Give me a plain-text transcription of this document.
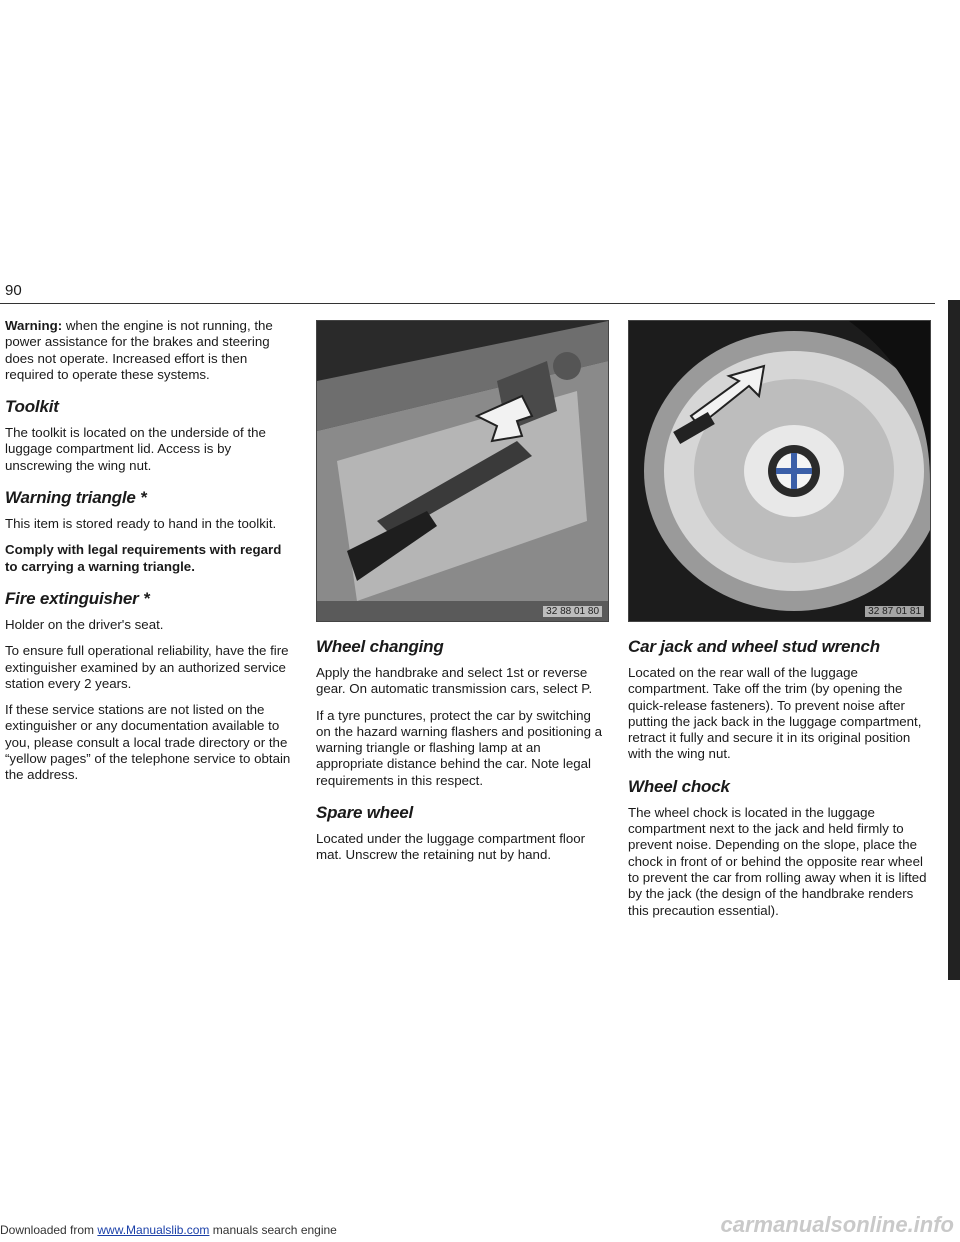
90

Warning: when the engine is not running, the power assistance for the brakes and steering does not operate. Increased effort is then required to operate these systems.

Toolkit

The toolkit is located on the underside of the luggage compartment lid. Access is by unscrewing the wing nut.

Warning triangle *

This item is stored ready to hand in the toolkit.

Comply with legal requirements with regard to carrying a warning triangle.

Fire extinguisher *

Holder on the driver's seat.

To ensure full operational reliability, have the fire extinguisher examined by an authorized service station every 2 years.

If these service stations are not listed on the extinguisher or any documentation available to you, please consult a local trade directory or the “yellow pages” of the telephone service to obtain the address.

32 88 01 80	32 87 01 81
Wheel changing

Apply the handbrake and select 1st or reverse gear. On automatic transmission cars, select P.

If a tyre punctures, protect the car by switching on the hazard warning flashers and positioning a warning triangle or flashing lamp at an appropriate distance behind the car. Note legal requirements in this respect.

Spare wheel

Located under the luggage compartment floor mat. Unscrew the retaining nut by hand.

Car jack and wheel stud wrench

Located on the rear wall of the luggage compartment. Take off the trim (by opening the quick-release fasteners). To prevent noise after putting the jack back in the luggage compartment, retract it fully and secure it in its original position with the wing nut.

Wheel chock

The wheel chock is located in the luggage compartment next to the jack and held firmly to prevent noise. Depending on the slope, place the chock in front of or behind the opposite rear wheel to prevent the car from rolling away when it is lifted by the jack (the design of the handbrake renders this precaution essential).

Downloaded from www.Manualslib.com manuals search engine	carmanualsonline.info
